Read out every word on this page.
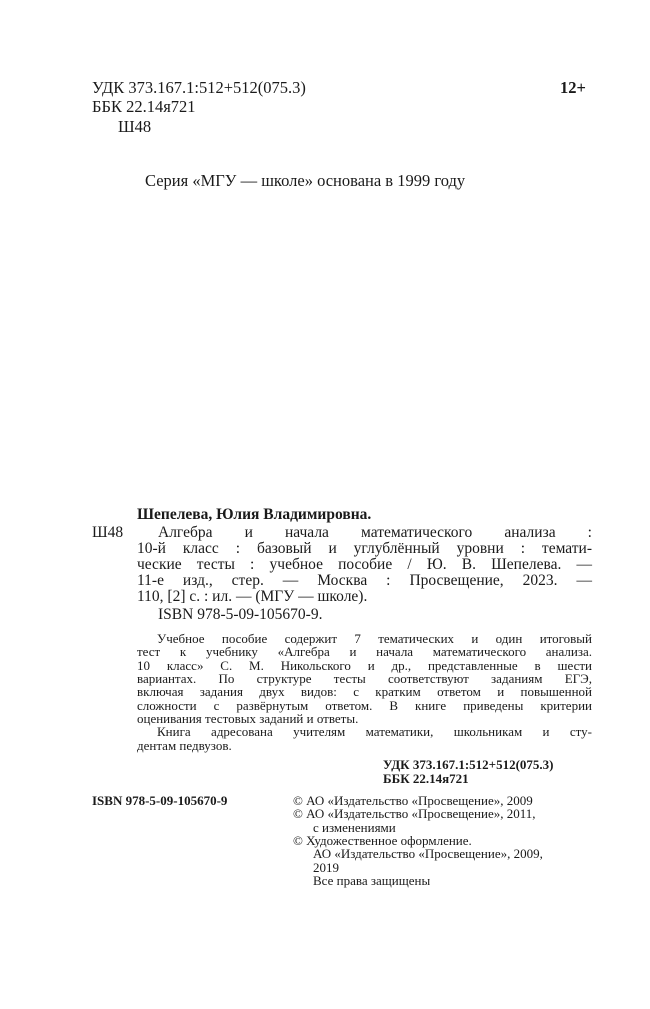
УДК 373.167.1:512+512(075.3)	12+
ББК 22.14я721
Ш48
Серия «МГУ — школе» основана в 1999 году
Шепелева, Юлия Владимировна.
Ш48 Алгебра и начала математического анализа :
10-й класс : базовый и углублённый уровни : темати-
ческие тесты : учебное пособие / Ю. В. Шепелева. —
11-е изд., стер. — Москва : Просвещение, 2023. —
110, [2] с. : ил. — (МГУ — школе).
ISBN 978-5-09-105670-9.
Учебное пособие содержит 7 тематических и один итоговый
тест к учебнику «Алгебра и начала математического анализа.
10 класс» С. М. Никольского и др., представленные в шести
вариантах. По структуре тесты соответствуют заданиям ЕГЭ,
включая задания двух видов: с кратким ответом и повышенной
сложности с развёрнутым ответом. В книге приведены критерии
оценивания тестовых заданий и ответы.
Книга адресована учителям математики, школьникам и сту-
дентам педвузов.
УДК 373.167.1:512+512(075.3)
ББК 22.14я721
ISBN 978-5-09-105670-9	© АО «Издательство «Просвещение», 2009
© АО «Издательство «Просвещение», 2011,
с изменениями
© Художественное оформление.
АО «Издательство «Просвещение», 2009,
2019
Все права защищены
